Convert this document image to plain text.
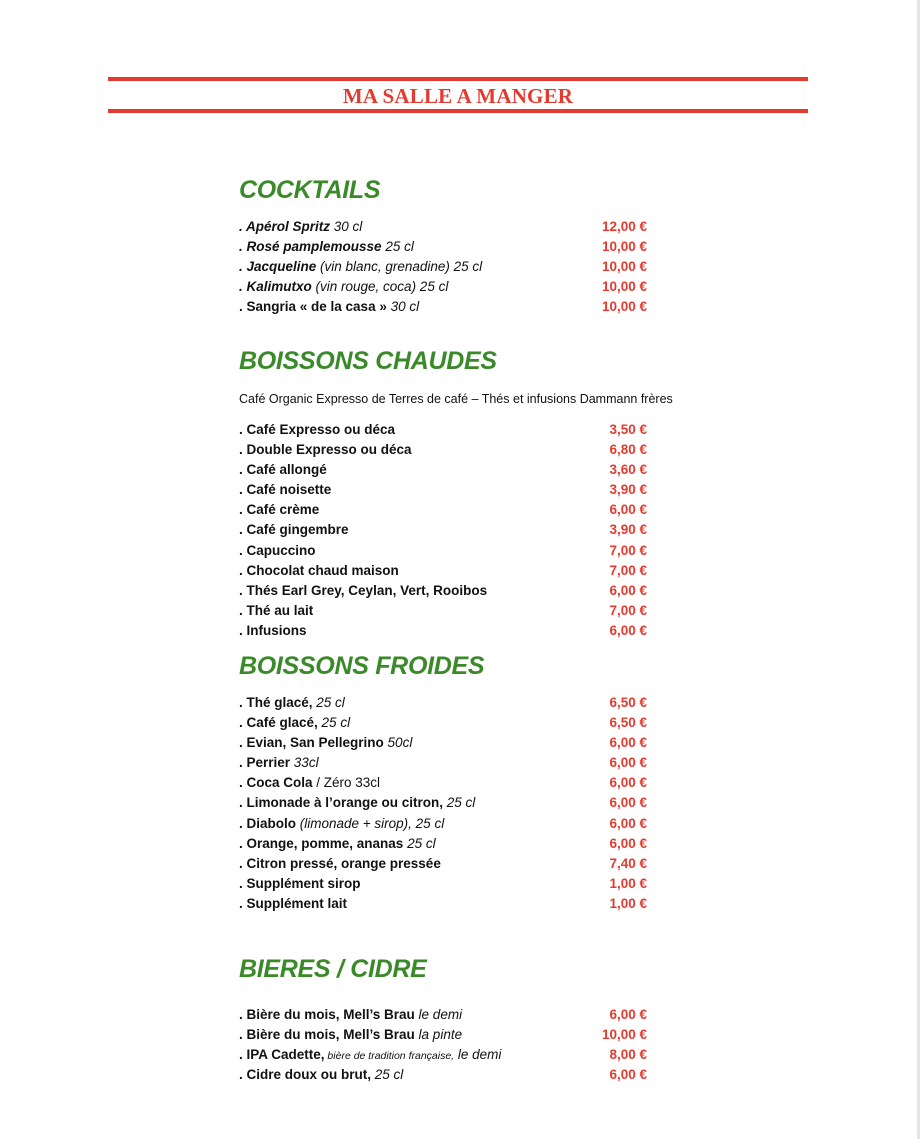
MA SALLE A MANGER
COCKTAILS
. Apérol Spritz 30 cl	12,00 €
. Rosé pamplemousse 25 cl	10,00 €
. Jacqueline (vin blanc, grenadine) 25 cl	10,00 €
. Kalimutxo (vin rouge, coca) 25 cl	10,00 €
. Sangria « de la casa » 30 cl	10,00 €
BOISSONS CHAUDES
Café Organic Expresso de Terres de café – Thés et infusions Dammann frères
. Café Expresso ou déca	3,50 €
. Double Expresso ou déca	6,80 €
. Café allongé	3,60 €
. Café noisette	3,90 €
. Café crème	6,00 €
. Café gingembre	3,90 €
. Capuccino	7,00 €
. Chocolat chaud maison	7,00 €
. Thés Earl Grey, Ceylan, Vert, Rooibos	6,00 €
. Thé au lait	7,00 €
. Infusions	6,00 €
BOISSONS FROIDES
. Thé glacé, 25 cl	6,50 €
. Café glacé, 25 cl	6,50 €
. Evian, San Pellegrino 50cl	6,00 €
. Perrier 33cl	6,00 €
. Coca Cola / Zéro 33cl	6,00 €
. Limonade à l’orange ou citron, 25 cl	6,00 €
. Diabolo (limonade + sirop), 25 cl	6,00 €
. Orange, pomme, ananas 25 cl	6,00 €
. Citron pressé, orange pressée	7,40 €
. Supplément sirop	1,00 €
. Supplément lait	1,00 €
BIERES / CIDRE
. Bière du mois, Mell’s Brau le demi	6,00 €
. Bière du mois, Mell’s Brau la pinte	10,00 €
. IPA Cadette, bière de tradition française, le demi	8,00 €
. Cidre doux ou brut, 25 cl	6,00 €
